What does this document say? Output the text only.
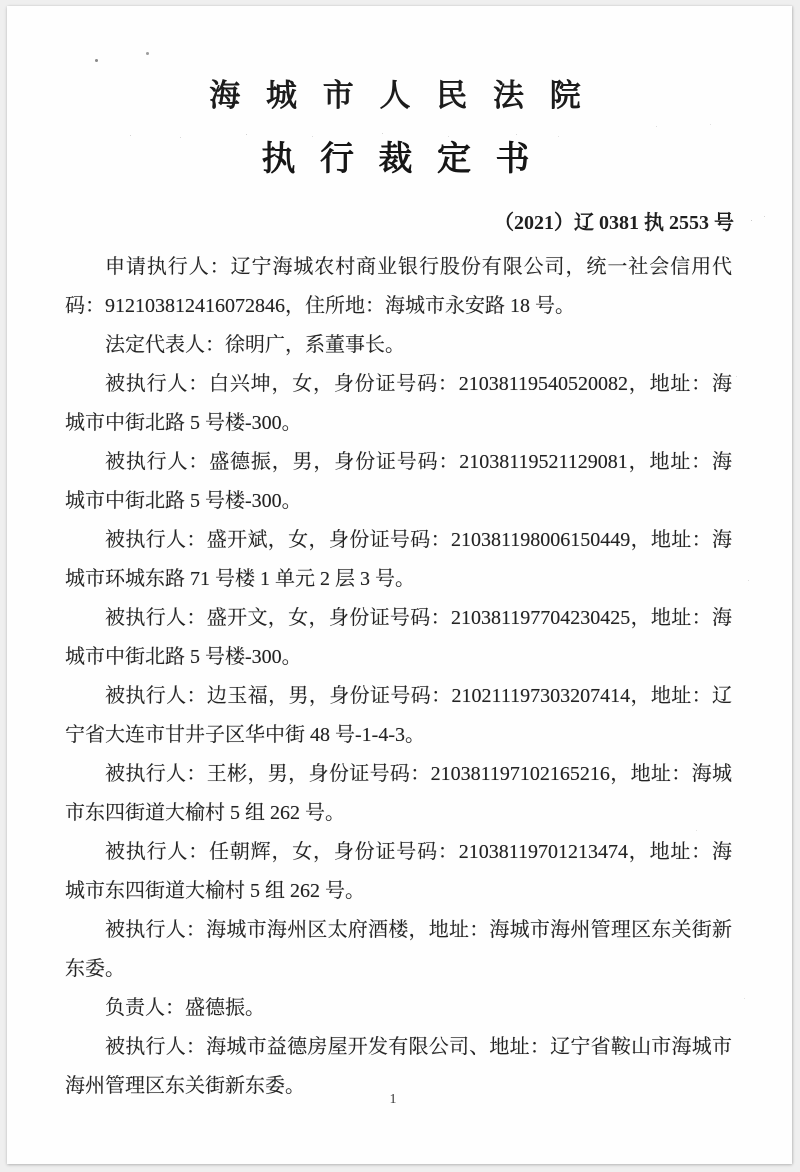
海 城 市 人 民 法 院
执 行 裁 定 书
（2021）辽 0381 执 2553 号

申请执行人：辽宁海城农村商业银行股份有限公司，统一社会信用代码：912103812416072846，住所地：海城市永安路 18 号。

法定代表人：徐明广，系董事长。

被执行人：白兴坤，女，身份证号码：21038119540520082，地址：海城市中街北路 5 号楼-300。

被执行人：盛德振，男，身份证号码：21038119521129081，地址：海城市中街北路 5 号楼-300。

被执行人：盛开斌，女，身份证号码：210381198006150449，地址：海城市环城东路 71 号楼 1 单元 2 层 3 号。

被执行人：盛开文，女，身份证号码：210381197704230425，地址：海城市中街北路 5 号楼-300。

被执行人：边玉福，男，身份证号码：210211197303207414，地址：辽宁省大连市甘井子区华中街 48 号-1-4-3。

被执行人：王彬，男，身份证号码：210381197102165216，地址：海城市东四街道大榆村 5 组 262 号。

被执行人：任朝辉，女，身份证号码：21038119701213474，地址：海城市东四街道大榆村 5 组 262 号。

被执行人：海城市海州区太府酒楼，地址：海城市海州管理区东关街新东委。

负责人：盛德振。

被执行人：海城市益德房屋开发有限公司、地址：辽宁省鞍山市海城市海州管理区东关街新东委。

1
